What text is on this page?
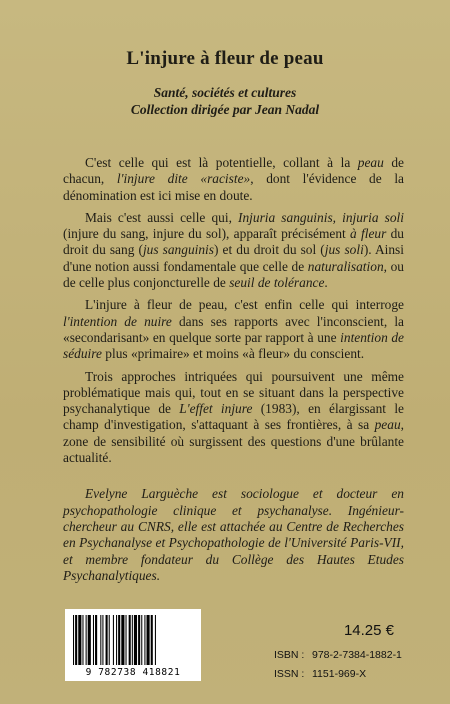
L'injure à fleur de peau
Santé, sociétés et cultures
Collection dirigée par Jean Nadal

C'est celle qui est là potentielle, collant à la peau de chacun, l'injure dite «raciste», dont l'évidence de la dénomination est ici mise en doute.

Mais c'est aussi celle qui, Injuria sanguinis, injuria soli (injure du sang, injure du sol), apparaît précisément à fleur du droit du sang (jus sanguinis) et du droit du sol (jus soli). Ainsi d'une notion aussi fondamentale que celle de naturalisation, ou de celle plus conjoncturelle de seuil de tolérance.

L'injure à fleur de peau, c'est enfin celle qui interroge l'intention de nuire dans ses rapports avec l'inconscient, la «secondarisant» en quelque sorte par rapport à une intention de séduire plus «primaire» et moins «à fleur» du conscient.

Trois approches intriquées qui poursuivent une même problématique mais qui, tout en se situant dans la perspective psychanalytique de L'effet injure (1983), en élargissant le champ d'investigation, s'attaquant à ses frontières, à sa peau, zone de sensibilité où surgissent des questions d'une brûlante actualité.

Evelyne Larguèche est sociologue et docteur en psychopathologie clinique et psychanalyse. Ingénieur-chercheur au CNRS, elle est attachée au Centre de Recherches en Psychanalyse et Psychopathologie de l'Université Paris-VII, et membre fondateur du Collège des Hautes Etudes Psychanalytiques.

9 782738 418821
14.25 €
ISBN : 978-2-7384-1882-1
ISSN : 1151-969-X
